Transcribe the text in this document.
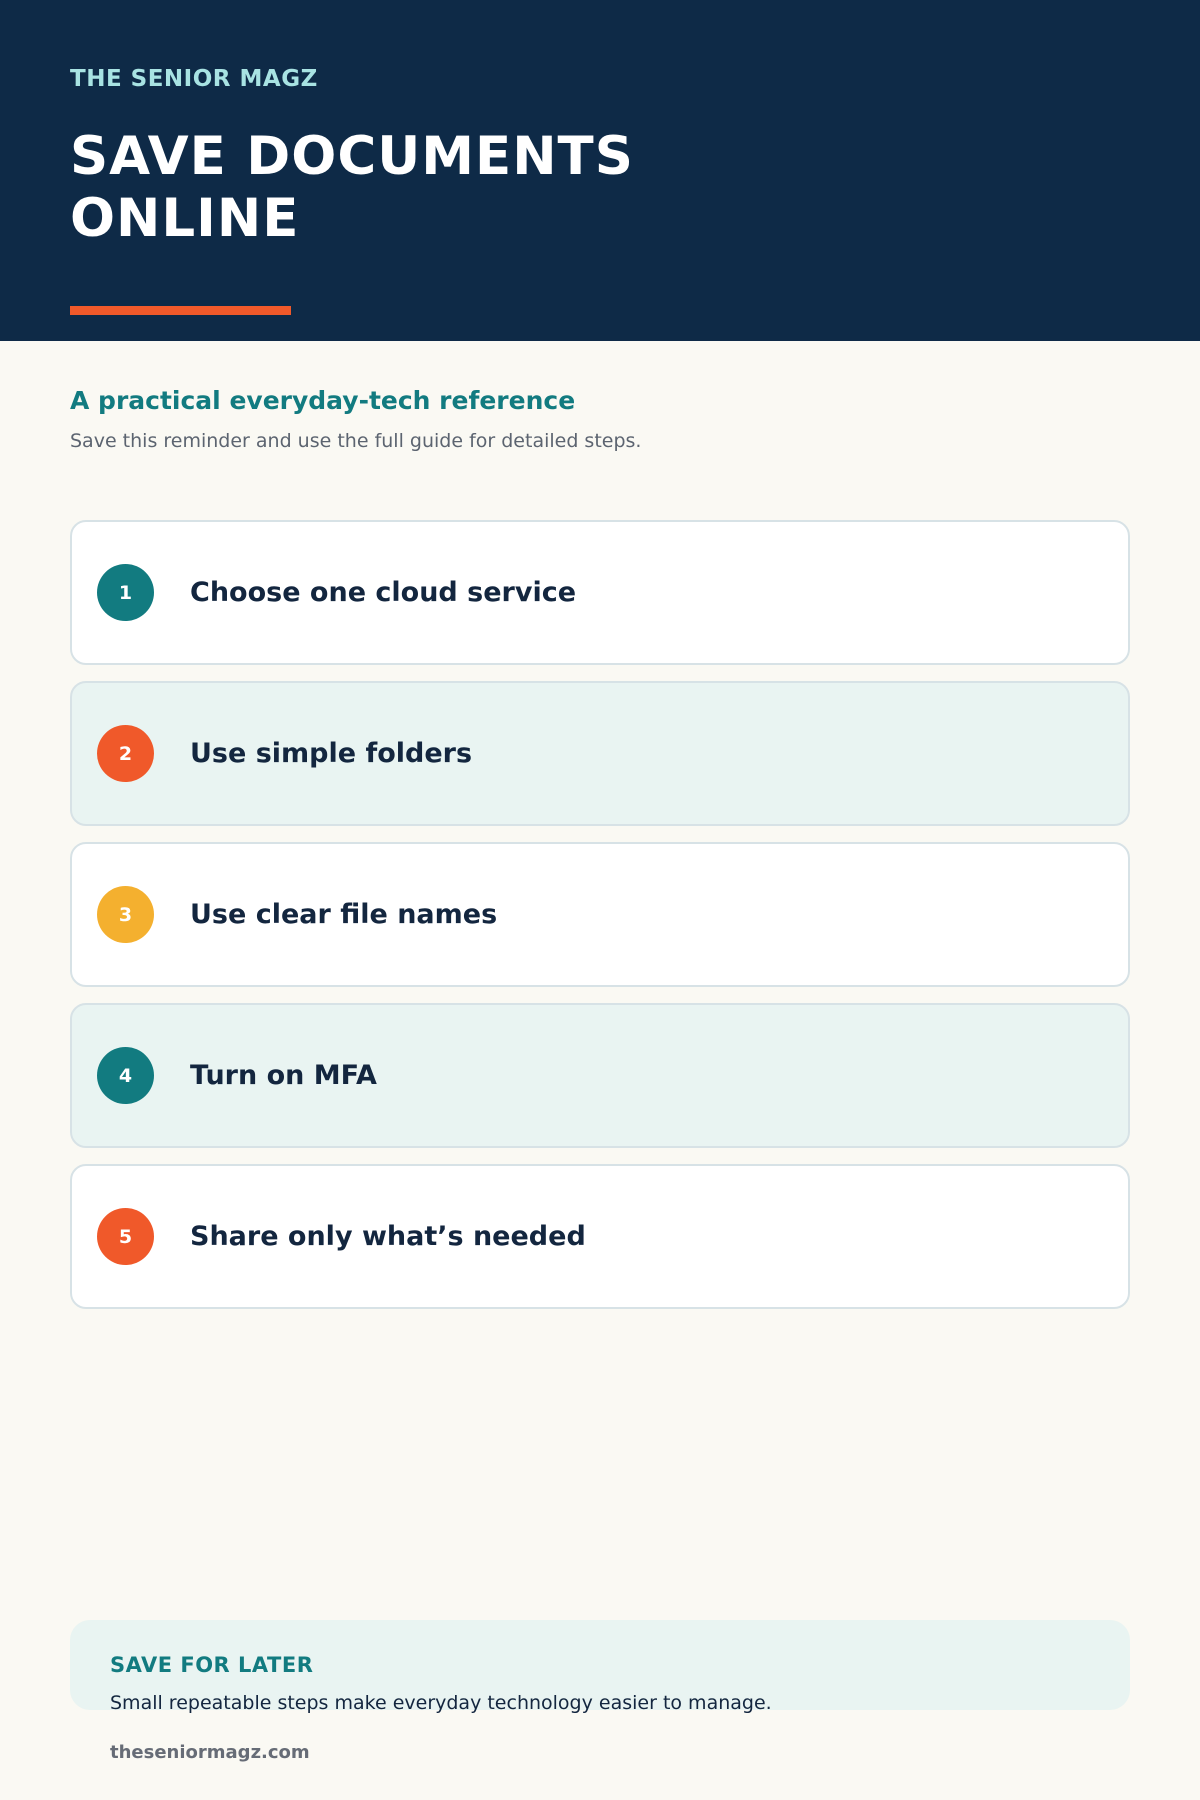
THE SENIOR MAGZ

SAVE DOCUMENTS ONLINE
A practical everyday-tech reference

Save this reminder and use the full guide for detailed steps.

1	Choose one cloud service
2	Use simple folders
3	Use clear file names
4	Turn on MFA
5	Share only what’s needed

SAVE FOR LATER

Small repeatable steps make everyday technology easier to manage.

theseniormagz.com
